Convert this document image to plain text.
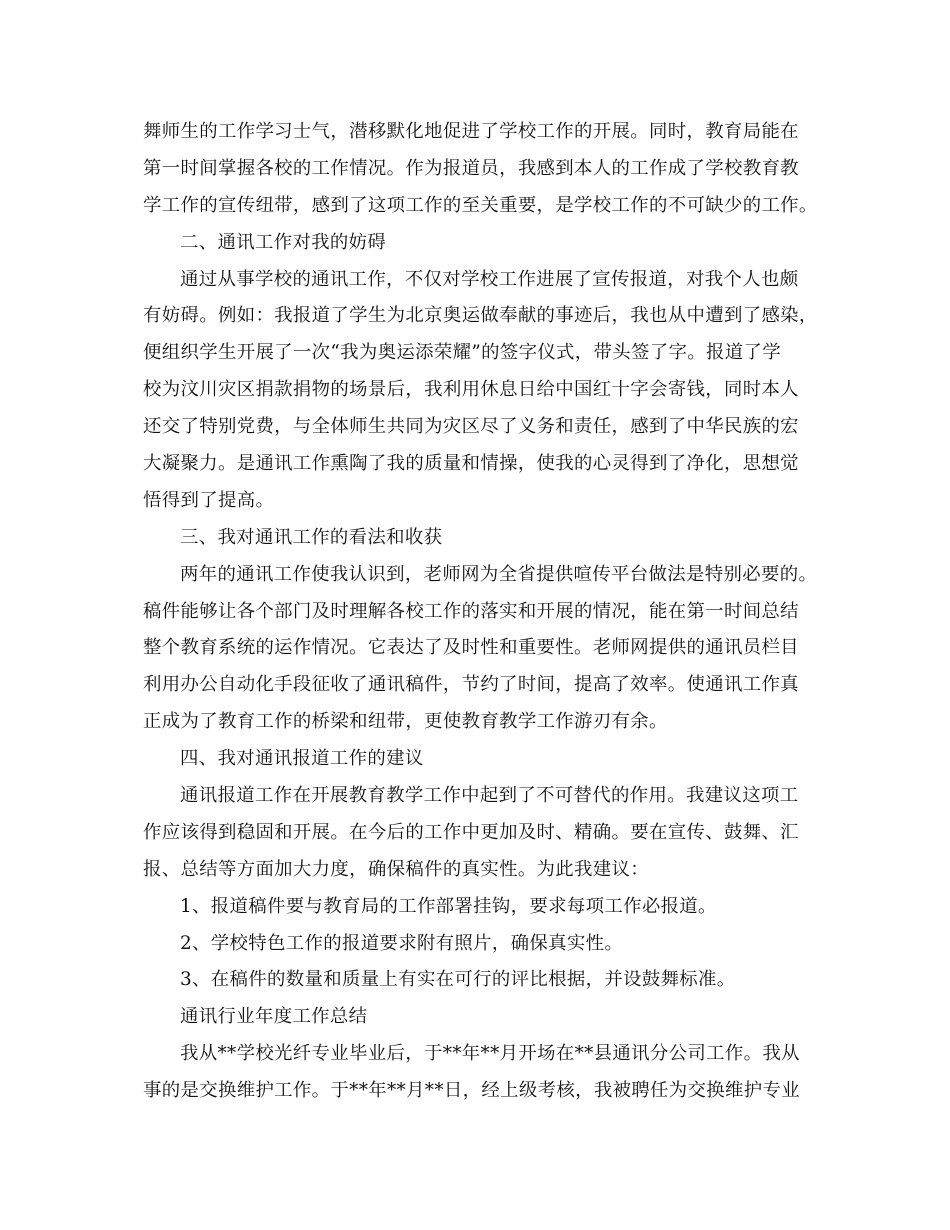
舞师生的工作学习士气，潜移默化地促进了学校工作的开展。同时，教育局能在
第一时间掌握各校的工作情况。作为报道员，我感到本人的工作成了学校教育教
学工作的宣传纽带，感到了这项工作的至关重要，是学校工作的不可缺少的工作。
二、通讯工作对我的妨碍
通过从事学校的通讯工作，不仅对学校工作进展了宣传报道，对我个人也颇
有妨碍。例如：我报道了学生为北京奥运做奉献的事迹后，我也从中遭到了感染，
便组织学生开展了一次“我为奥运添荣耀”的签字仪式，带头签了字。报道了学
校为汶川灾区捐款捐物的场景后，我利用休息日给中国红十字会寄钱，同时本人
还交了特别党费，与全体师生共同为灾区尽了义务和责任，感到了中华民族的宏
大凝聚力。是通讯工作熏陶了我的质量和情操，使我的心灵得到了净化，思想觉
悟得到了提高。
三、我对通讯工作的看法和收获
两年的通讯工作使我认识到，老师网为全省提供喧传平台做法是特别必要的。
稿件能够让各个部门及时理解各校工作的落实和开展的情况，能在第一时间总结
整个教育系统的运作情况。它表达了及时性和重要性。老师网提供的通讯员栏目
利用办公自动化手段征收了通讯稿件，节约了时间，提高了效率。使通讯工作真
正成为了教育工作的桥梁和纽带，更使教育教学工作游刃有余。
四、我对通讯报道工作的建议
通讯报道工作在开展教育教学工作中起到了不可替代的作用。我建议这项工
作应该得到稳固和开展。在今后的工作中更加及时、精确。要在宣传、鼓舞、汇
报、总结等方面加大力度，确保稿件的真实性。为此我建议：
1、报道稿件要与教育局的工作部署挂钩，要求每项工作必报道。
2、学校特色工作的报道要求附有照片，确保真实性。
3、在稿件的数量和质量上有实在可行的评比根据，并设鼓舞标准。
通讯行业年度工作总结
我从**学校光纤专业毕业后，于**年**月开场在**县通讯分公司工作。我从
事的是交换维护工作。于**年**月**日，经上级考核，我被聘任为交换维护专业
